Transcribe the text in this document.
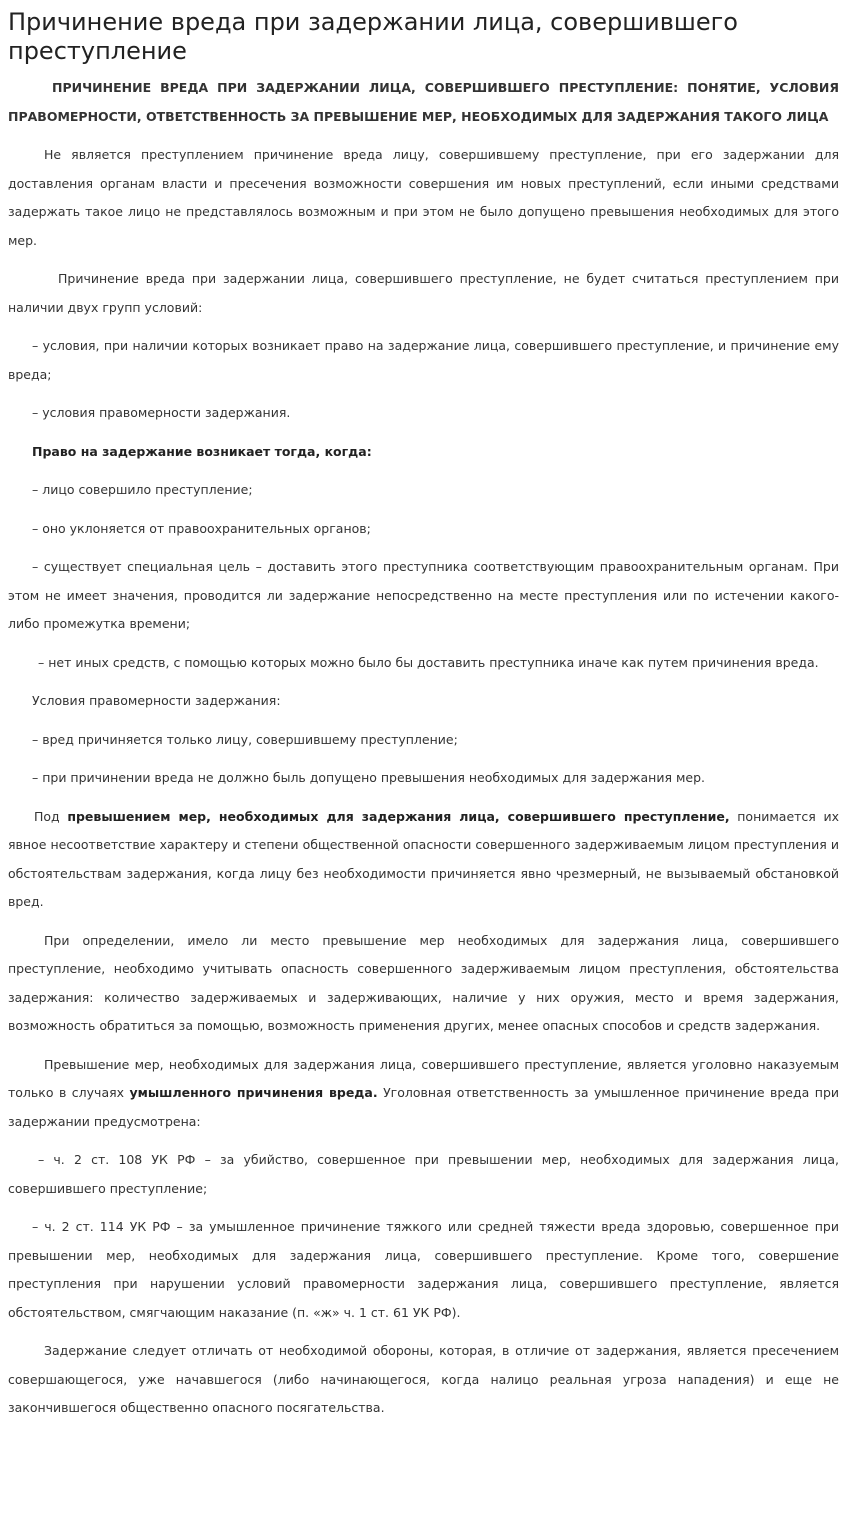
Причинение вреда при задержании лица, совершившего преступление

ПРИЧИНЕНИЕ ВРЕДА ПРИ ЗАДЕРЖАНИИ ЛИЦА, СОВЕРШИВШЕГО ПРЕСТУПЛЕНИЕ: ПОНЯТИЕ, УСЛОВИЯ ПРАВОМЕРНОСТИ, ОТВЕТСТВЕННОСТЬ ЗА ПРЕВЫШЕНИЕ МЕР, НЕОБХОДИМЫХ ДЛЯ ЗАДЕРЖАНИЯ ТАКОГО ЛИЦА

Не является преступлением причинение вреда лицу, совершившему преступление, при его задержании для доставления органам власти и пресечения возможности совершения им новых преступлений, если иными средствами задержать такое лицо не представлялось возможным и при этом не было допущено превышения необходимых для этого мер.

Причинение вреда при задержании лица, совершившего преступление, не будет считаться преступлением при наличии двух групп условий:

– условия, при наличии которых возникает право на задержание лица, совершившего преступление, и причинение ему вреда;

– условия правомерности задержания.

Право на задержание возникает тогда, когда:

– лицо совершило преступление;

– оно уклоняется от правоохранительных органов;

– существует специальная цель – доставить этого преступника соответствующим правоохранительным органам. При этом не имеет значения, проводится ли задержание непосредственно на месте преступления или по истечении какого-либо промежутка времени;

– нет иных средств, с помощью которых можно было бы доставить преступника иначе как путем причинения вреда.

Условия правомерности задержания:

– вред причиняется только лицу, совершившему преступление;

– при причинении вреда не должно быль допущено превышения необходимых для задержания мер.

Под превышением мер, необходимых для задержания лица, совершившего преступление, понимается их явное несоответствие характеру и степени общественной опасности совершенного задерживаемым лицом преступления и обстоятельствам задержания, когда лицу без необходимости причиняется явно чрезмерный, не вызываемый обстановкой вред.

При определении, имело ли место превышение мер необходимых для задержания лица, совершившего преступление, необходимо учитывать опасность совершенного задерживаемым лицом преступления, обстоятельства задержания: количество задерживаемых и задерживающих, наличие у них оружия, место и время задержания, возможность обратиться за помощью, возможность применения других, менее опасных способов и средств задержания.

Превышение мер, необходимых для задержания лица, совершившего преступление, является уголовно наказуемым только в случаях умышленного причинения вреда. Уголовная ответственность за умышленное причинение вреда при задержании предусмотрена:

– ч. 2 ст. 108 УК РФ – за убийство, совершенное при превышении мер, необходимых для задержания лица, совершившего преступление;

– ч. 2 ст. 114 УК РФ – за умышленное причинение тяжкого или средней тяжести вреда здоровью, совершенное при превышении мер, необходимых для задержания лица, совершившего преступление. Кроме того, совершение преступления при нарушении условий правомерности задержания лица, совершившего преступление, является обстоятельством, смягчающим наказание (п. «ж» ч. 1 ст. 61 УК РФ).

Задержание следует отличать от необходимой обороны, которая, в отличие от задержания, является пресечением совершающегося, уже начавшегося (либо начинающегося, когда налицо реальная угроза нападения) и еще не закончившегося общественно опасного посягательства.
